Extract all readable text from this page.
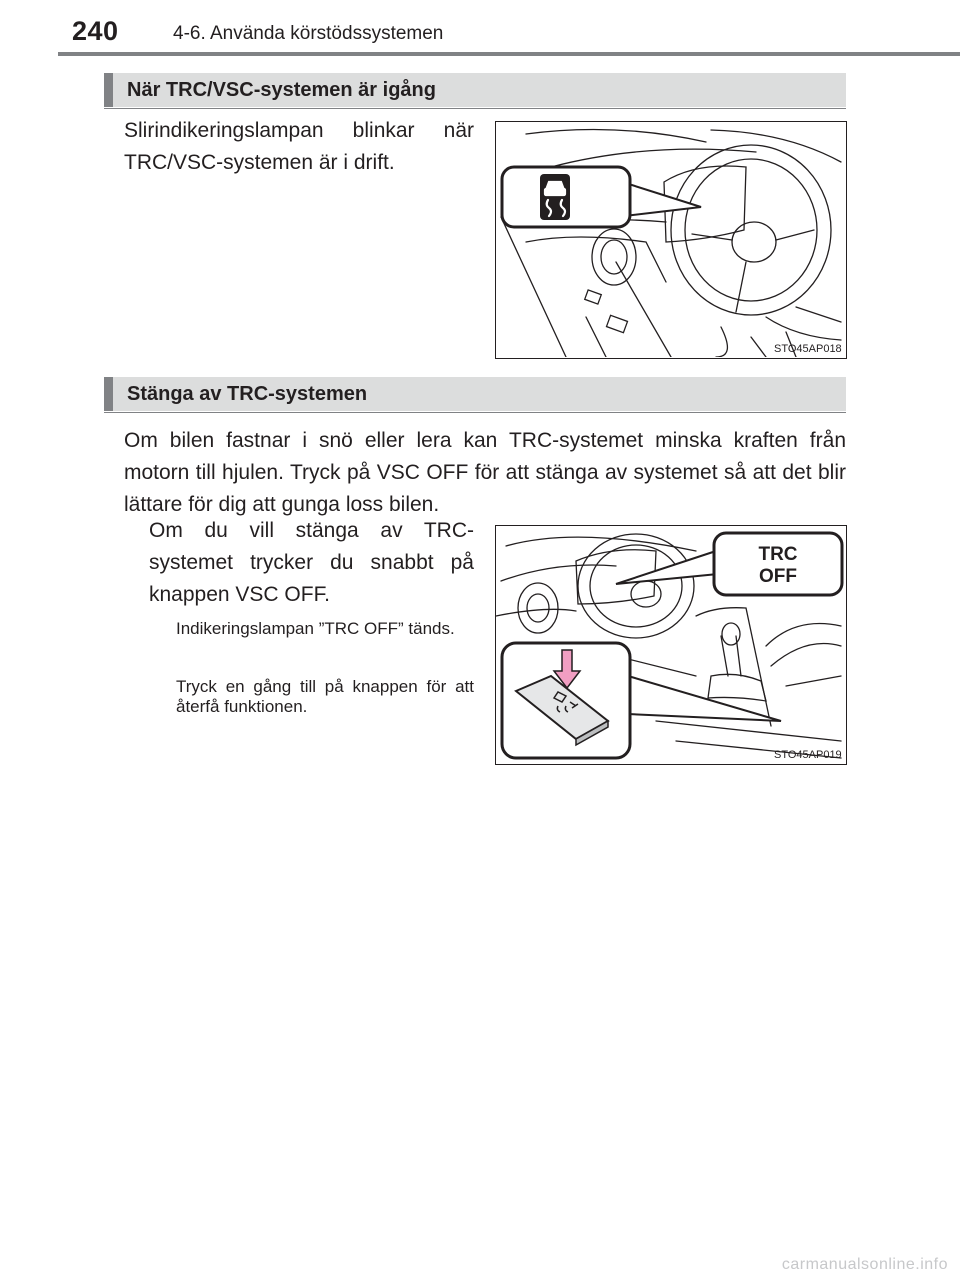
240	4-6. Använda körstödssystemen
När TRC/VSC-systemen är igång
Slirindikeringslampan blinkar när TRC/VSC-systemen är i drift.
STO45AP018
Stänga av TRC-systemen
Om bilen fastnar i snö eller lera kan TRC-systemet minska kraften från motorn till hjulen. Tryck på VSC OFF för att stänga av systemet så att det blir lättare för dig att gunga loss bilen.
Om du vill stänga av TRC-systemet trycker du snabbt på knappen VSC OFF.
Indikeringslampan ”TRC OFF” tänds.
Tryck en gång till på knappen för att återfå funktionen.
TRC
OFF
STO45AP019
carmanualsonline.info
